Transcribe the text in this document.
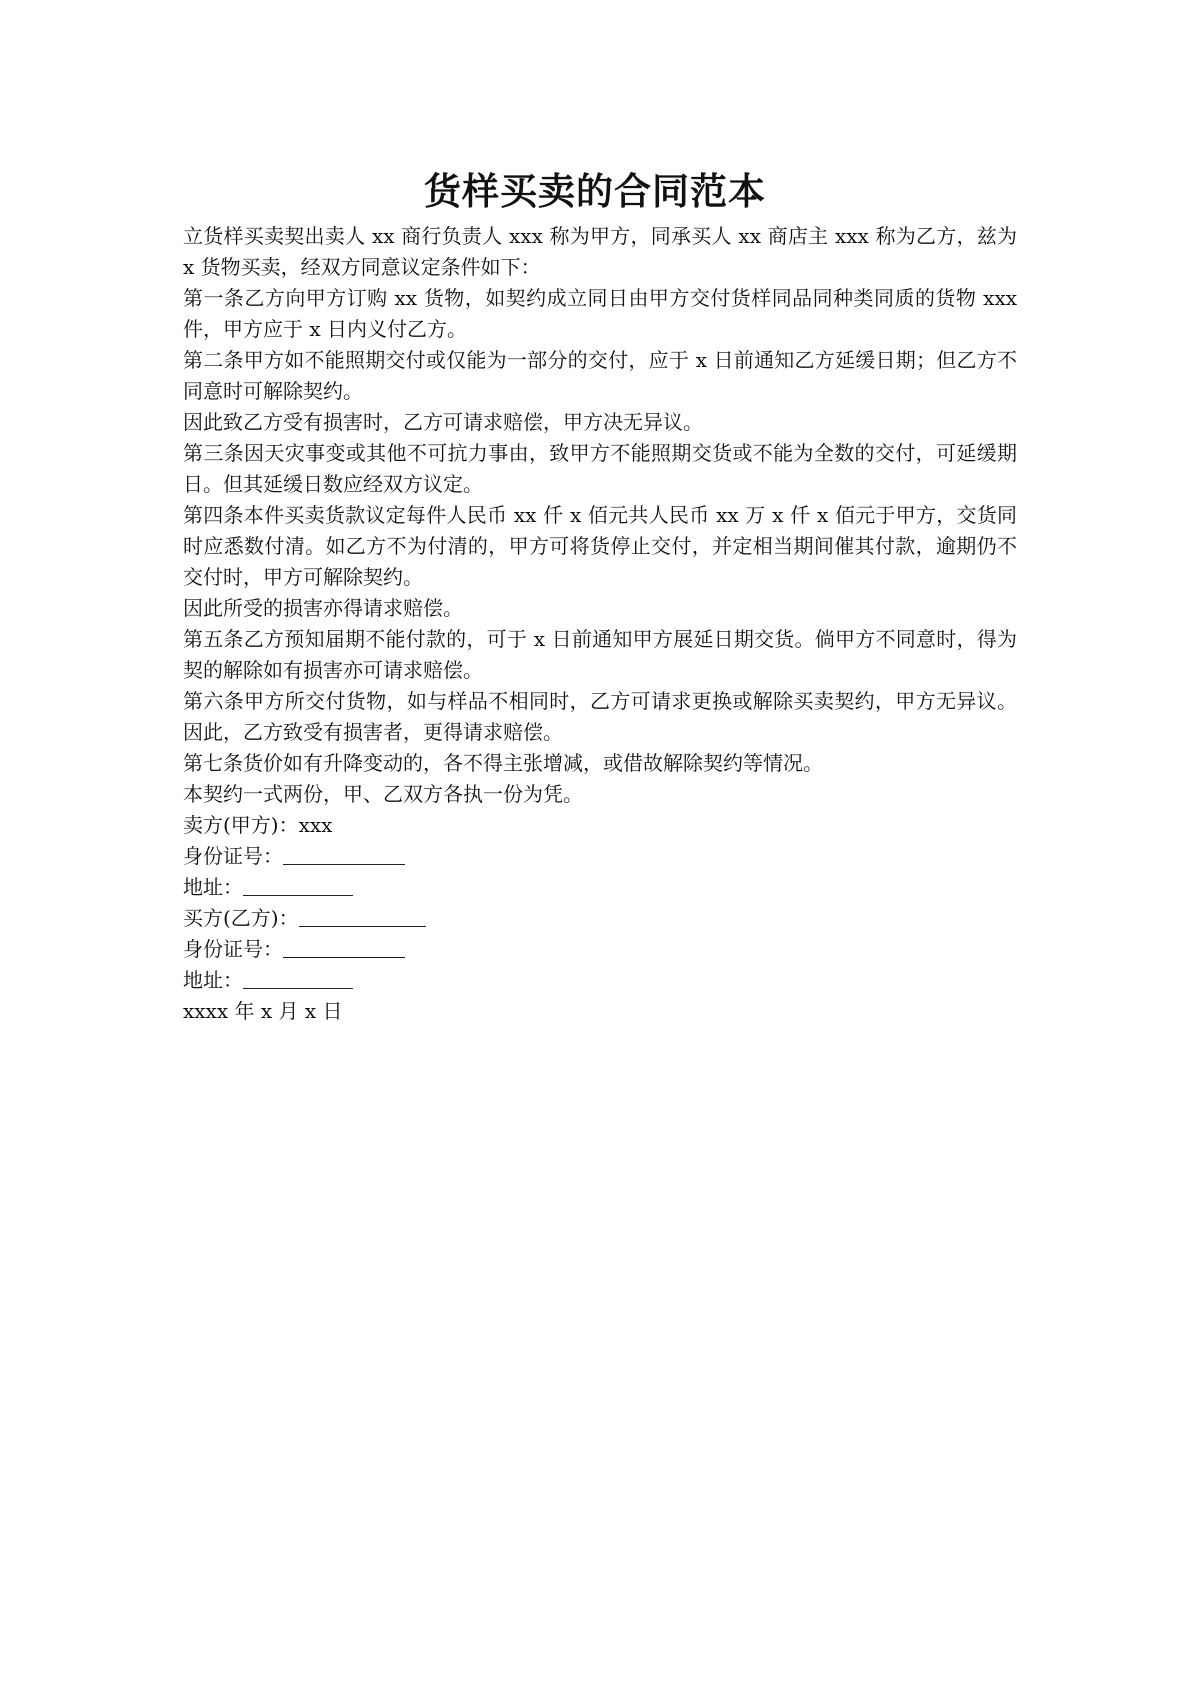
货样买卖的合同范本

立货样买卖契出卖人 xx 商行负责人 xxx 称为甲方，同承买人 xx 商店主 xxx 称为乙方，兹为 x 货物买卖，经双方同意议定条件如下：

第一条乙方向甲方订购 xx 货物，如契约成立同日由甲方交付货样同品同种类同质的货物 xxx 件，甲方应于 x 日内义付乙方。

第二条甲方如不能照期交付或仅能为一部分的交付，应于 x 日前通知乙方延缓日期；但乙方不同意时可解除契约。

因此致乙方受有损害时，乙方可请求赔偿，甲方决无异议。

第三条因天灾事变或其他不可抗力事由，致甲方不能照期交货或不能为全数的交付，可延缓期日。但其延缓日数应经双方议定。

第四条本件买卖货款议定每件人民币 xx 仟 x 佰元共人民币 xx 万 x 仟 x 佰元于甲方，交货同时应悉数付清。如乙方不为付清的，甲方可将货停止交付，并定相当期间催其付款，逾期仍不交付时，甲方可解除契约。

因此所受的损害亦得请求赔偿。

第五条乙方预知届期不能付款的，可于 x 日前通知甲方展延日期交货。倘甲方不同意时，得为契的解除如有损害亦可请求赔偿。

第六条甲方所交付货物，如与样品不相同时，乙方可请求更换或解除买卖契约，甲方无异议。因此，乙方致受有损害者，更得请求赔偿。

第七条货价如有升降变动的，各不得主张增减，或借故解除契约等情况。

本契约一式两份，甲、乙双方各执一份为凭。

卖方(甲方)：xxx

身份证号：

地址：

买方(乙方)：

身份证号：

地址：

xxxx 年 x 月 x 日
